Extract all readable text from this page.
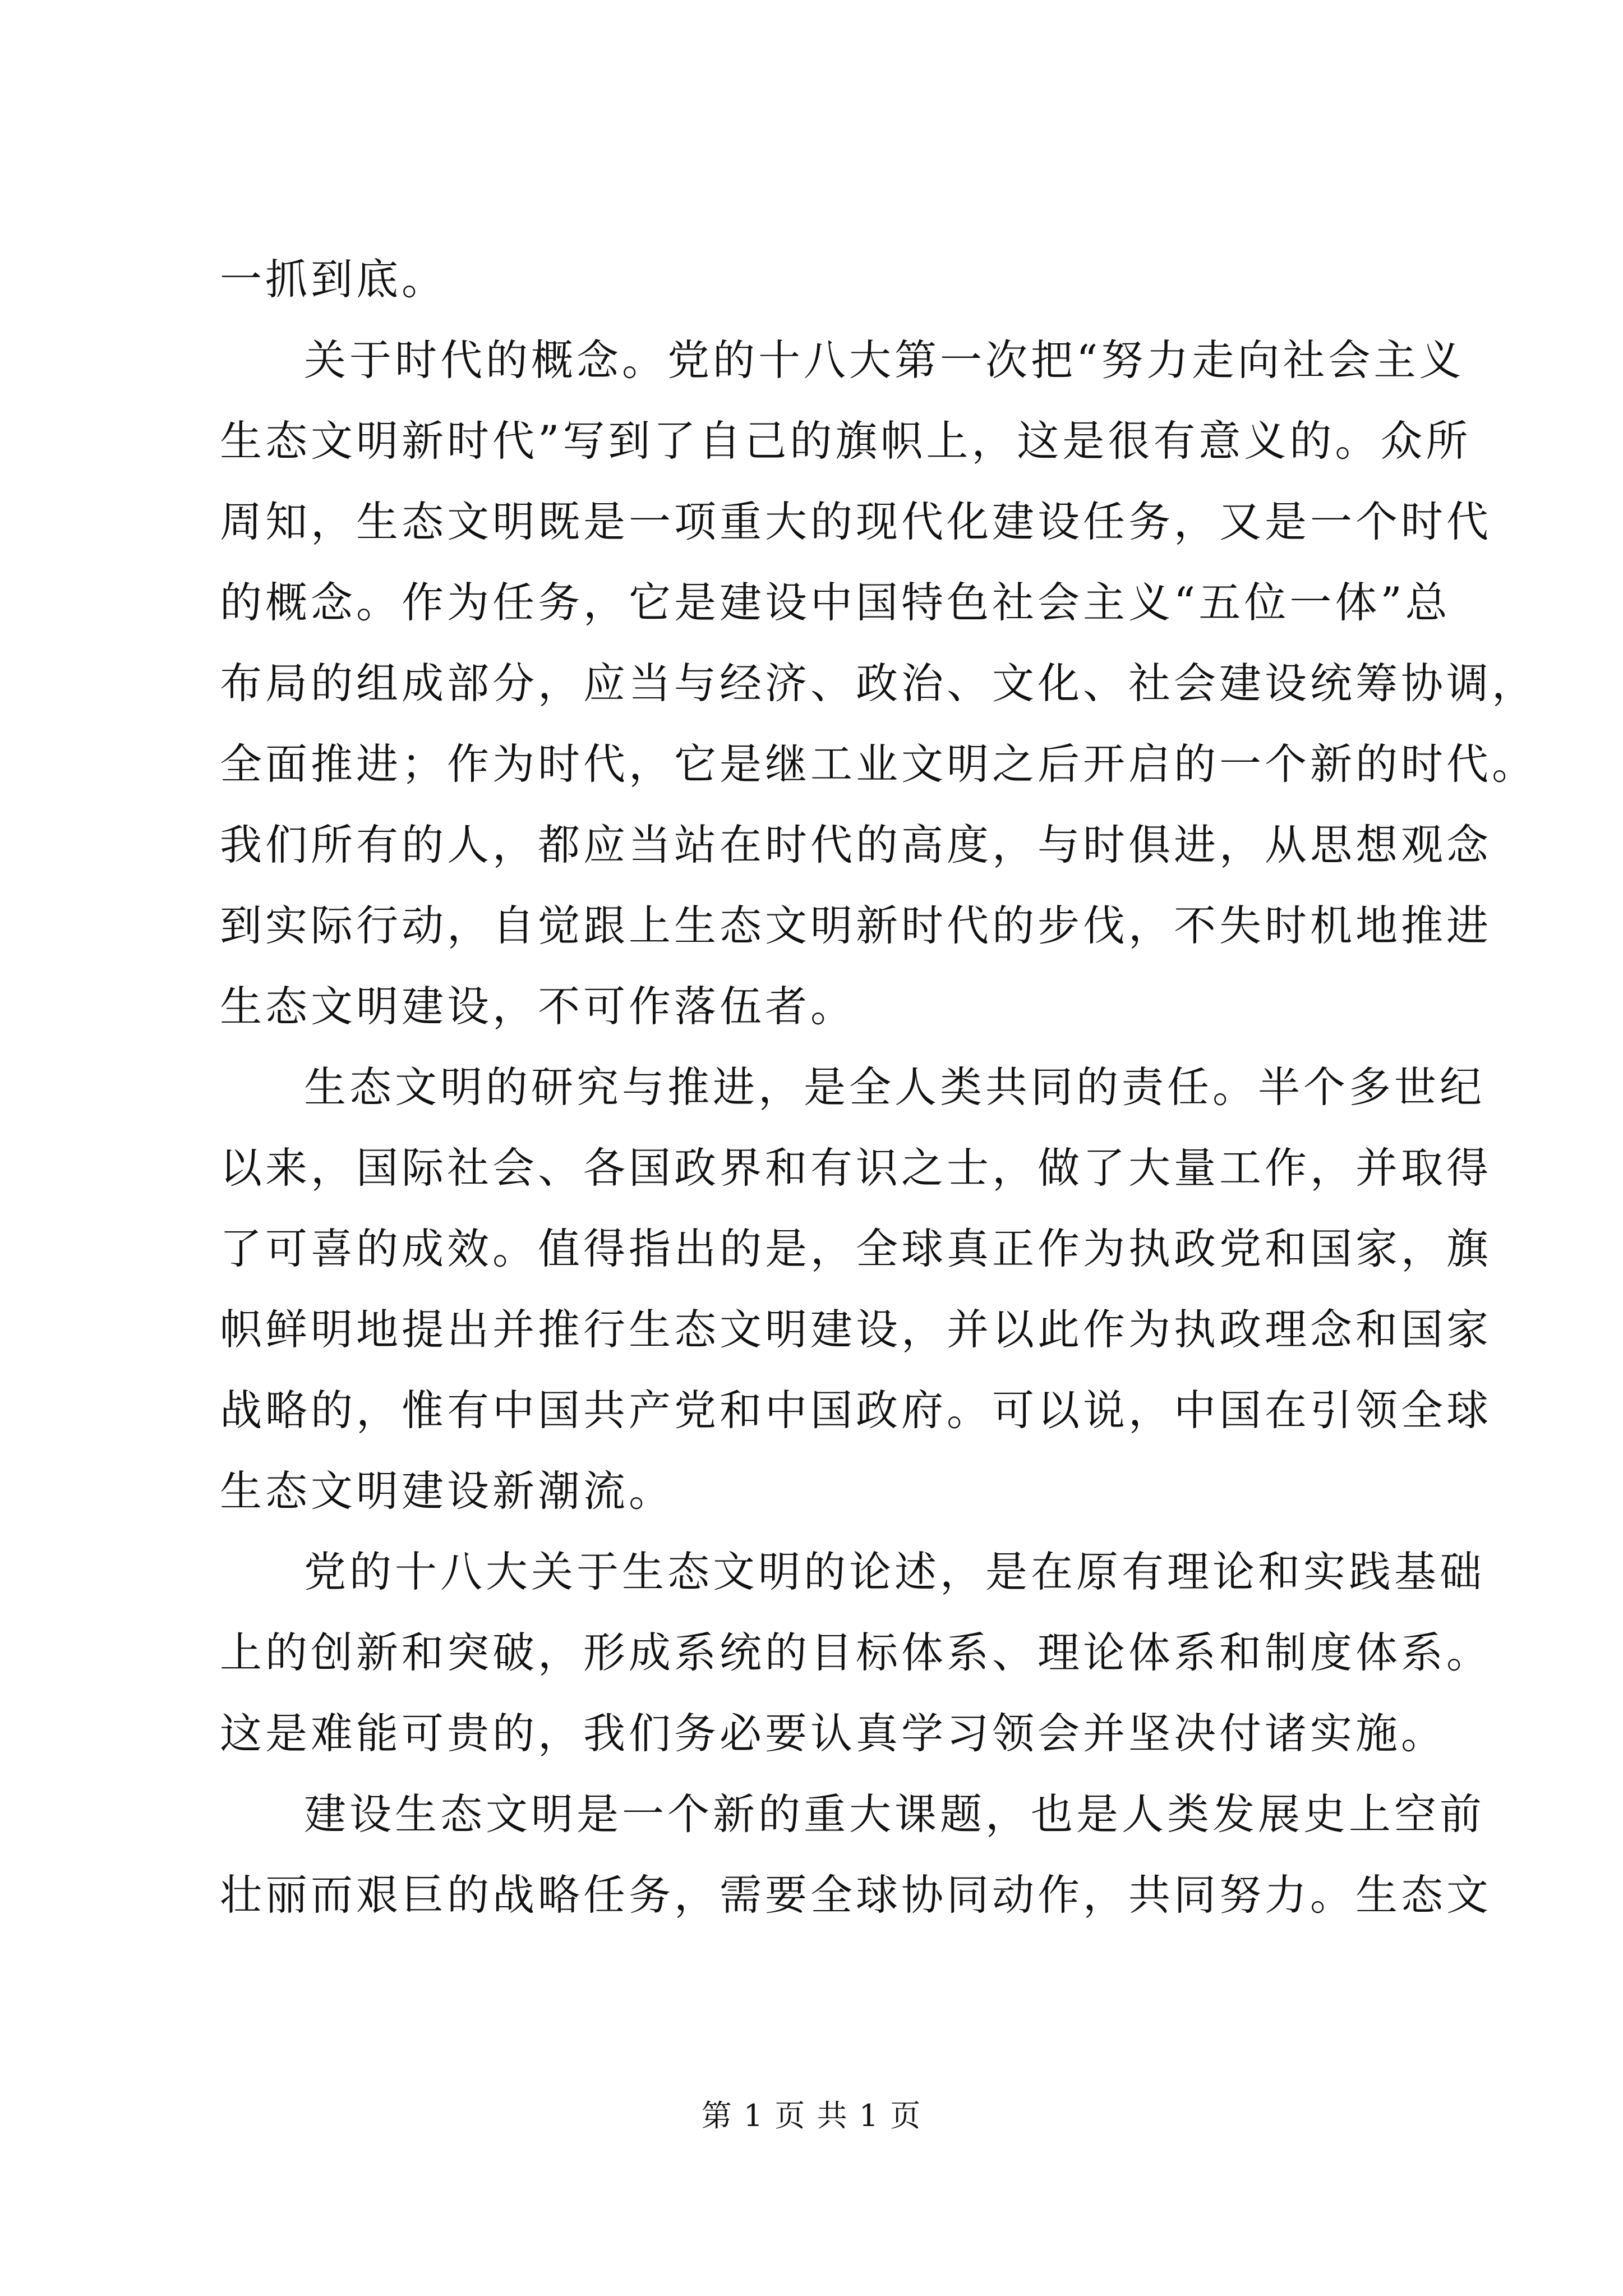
一抓到底。
关于时代的概念。党的十八大第一次把“努力走向社会主义
生态文明新时代”写到了自己的旗帜上，这是很有意义的。众所
周知，生态文明既是一项重大的现代化建设任务，又是一个时代
的概念。作为任务，它是建设中国特色社会主义“五位一体”总
布局的组成部分，应当与经济、政治、文化、社会建设统筹协调，
全面推进；作为时代，它是继工业文明之后开启的一个新的时代。
我们所有的人，都应当站在时代的高度，与时俱进，从思想观念
到实际行动，自觉跟上生态文明新时代的步伐，不失时机地推进
生态文明建设，不可作落伍者。
生态文明的研究与推进，是全人类共同的责任。半个多世纪
以来，国际社会、各国政界和有识之士，做了大量工作，并取得
了可喜的成效。值得指出的是，全球真正作为执政党和国家，旗
帜鲜明地提出并推行生态文明建设，并以此作为执政理念和国家
战略的，惟有中国共产党和中国政府。可以说，中国在引领全球
生态文明建设新潮流。
党的十八大关于生态文明的论述，是在原有理论和实践基础
上的创新和突破，形成系统的目标体系、理论体系和制度体系。
这是难能可贵的，我们务必要认真学习领会并坚决付诸实施。
建设生态文明是一个新的重大课题，也是人类发展史上空前
壮丽而艰巨的战略任务，需要全球协同动作，共同努力。生态文
第 1 页 共 1 页
